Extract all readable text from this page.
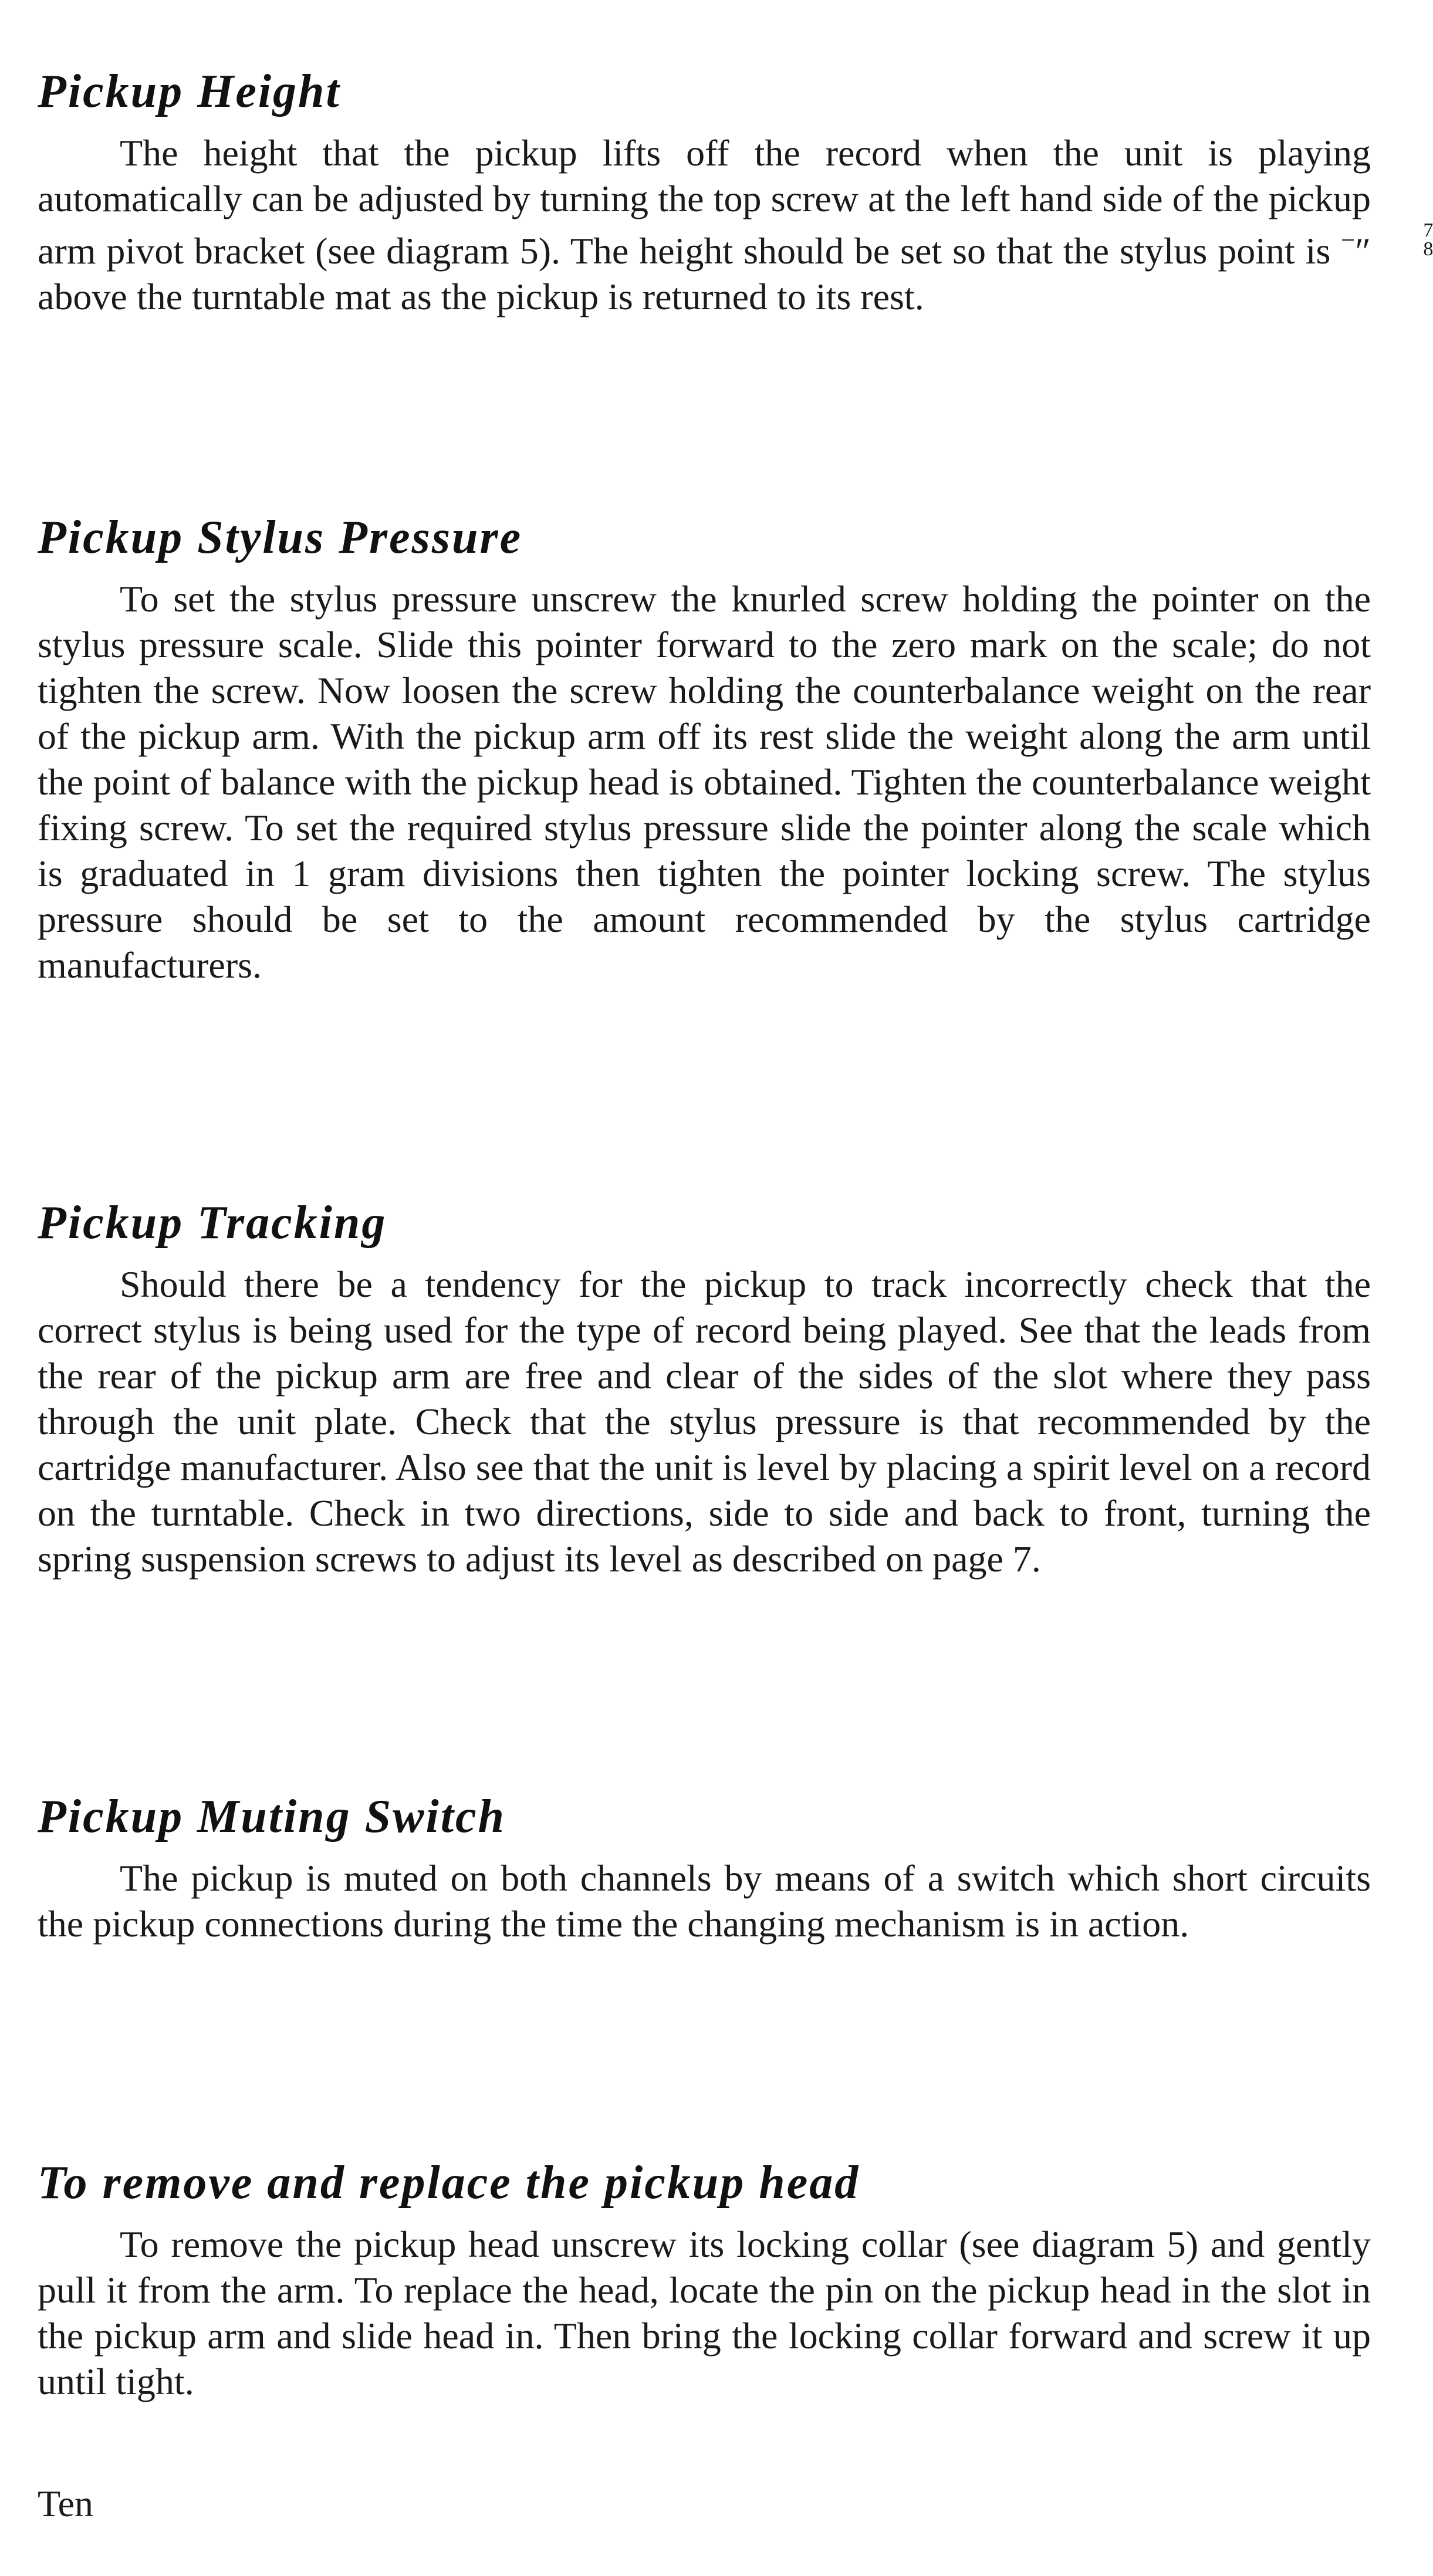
Pickup Height

The height that the pickup lifts off the record when the unit is playing automatically can be adjusted by turning the top screw at the left hand side of the pickup arm pivot bracket (see diagram 5). The height should be set so that the stylus point is $\frac{7}{8}$ ″ above the turntable mat as the pickup is returned to its rest.

Pickup Stylus Pressure

To set the stylus pressure unscrew the knurled screw holding the pointer on the stylus pressure scale. Slide this pointer forward to the zero mark on the scale; do not tighten the screw. Now loosen the screw holding the counterbalance weight on the rear of the pickup arm. With the pickup arm off its rest slide the weight along the arm until the point of balance with the pickup head is obtained. Tighten the counterbalance weight fixing screw. To set the required stylus pressure slide the pointer along the scale which is graduated in 1 gram divisions then tighten the pointer locking screw. The stylus pressure should be set to the amount recommended by the stylus cartridge manufacturers.

Pickup Tracking

Should there be a tendency for the pickup to track incorrectly check that the correct stylus is being used for the type of record being played. See that the leads from the rear of the pickup arm are free and clear of the sides of the slot where they pass through the unit plate. Check that the stylus pressure is that recommended by the cartridge manufacturer. Also see that the unit is level by placing a spirit level on a record on the turntable. Check in two directions, side to side and back to front, turning the spring suspension screws to adjust its level as described on page 7.

Pickup Muting Switch

The pickup is muted on both channels by means of a switch which short circuits the pickup connections during the time the changing mechanism is in action.

To remove and replace the pickup head

To remove the pickup head unscrew its locking collar (see diagram 5) and gently pull it from the arm. To replace the head, locate the pin on the pickup head in the slot in the pickup arm and slide head in. Then bring the locking collar forward and screw it up until tight.

Ten
